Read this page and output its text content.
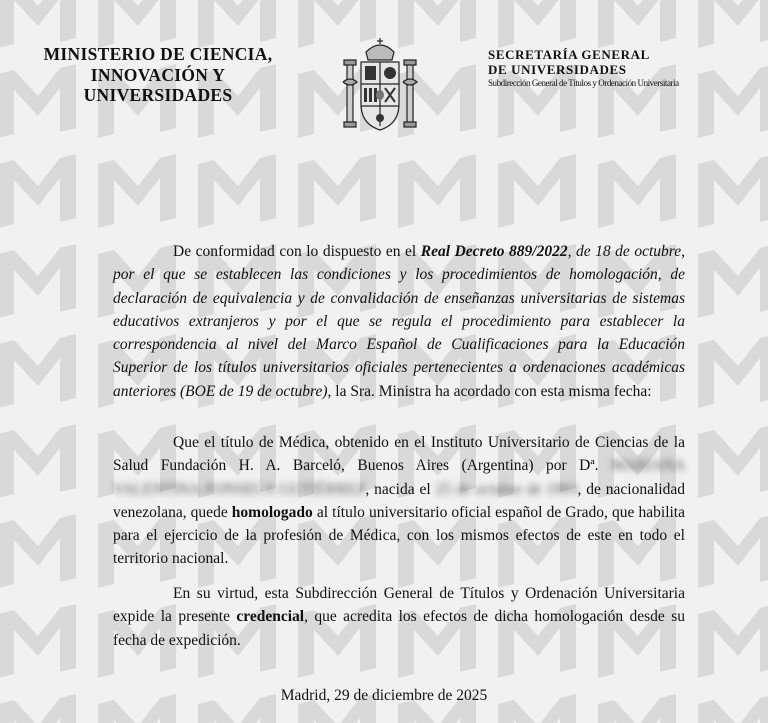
MINISTERIO DE CIENCIA,
INNOVACIÓN Y
UNIVERSIDADES
SECRETARÍA GENERAL
DE UNIVERSIDADES
Subdirección General de Títulos y Ordenación Universitaria
De conformidad con lo dispuesto en el Real Decreto 889/2022, de 18 de octubre, por el que se establecen las condiciones y los procedimientos de homologación, de declaración de equivalencia y de convalidación de enseñanzas universitarias de sistemas educativos extranjeros y por el que se regula el procedimiento para establecer la correspondencia al nivel del Marco Español de Cualificaciones para la Educación Superior de los títulos universitarios oficiales pertenecientes a ordenaciones académicas anteriores (BOE de 19 de octubre), la Sra. Ministra ha acordado con esta misma fecha:
Que el título de Médica, obtenido en el Instituto Universitario de Ciencias de la Salud Fundación H. A. Barceló, Buenos Aires (Argentina) por Dª. MARIANA VALENTINA FONSECA GUTIÉRREZ, nacida el 25 de octubre de 1993, de nacionalidad venezolana, quede homologado al título universitario oficial español de Grado, que habilita para el ejercicio de la profesión de Médica, con los mismos efectos de este en todo el territorio nacional.
En su virtud, esta Subdirección General de Títulos y Ordenación Universitaria expide la presente credencial, que acredita los efectos de dicha homologación desde su fecha de expedición.
Madrid, 29 de diciembre de 2025
